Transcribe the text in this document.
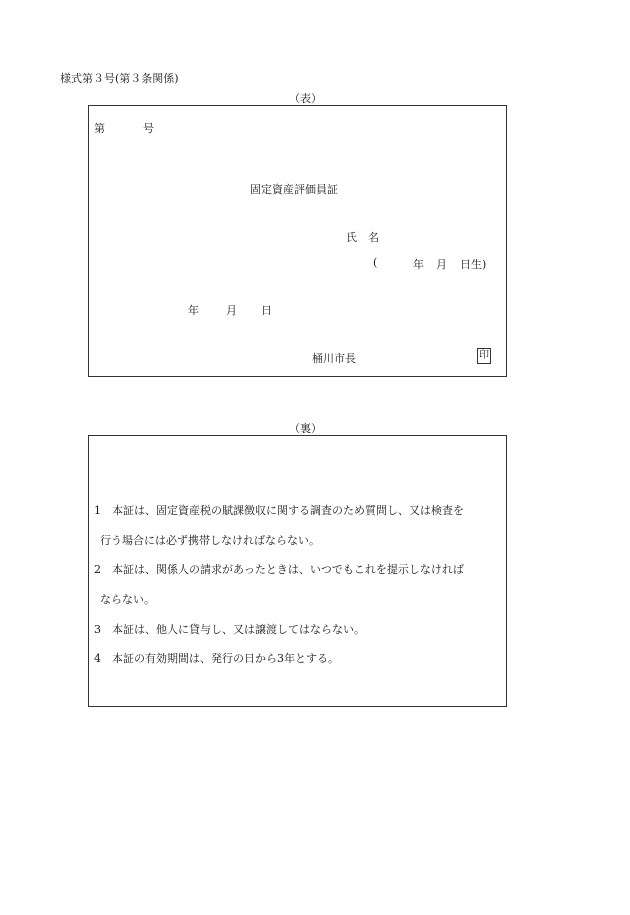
様式第３号(第３条関係)
（表）
第	号
固定資産評価員証
氏　名
(	年 月 日生)
年 月 日
桶川市長	印
（裏）
1　本証は、固定資産税の賦課徴収に関する調査のため質問し、又は検査を
行う場合には必ず携帯しなければならない。
2　本証は、関係人の請求があったときは、いつでもこれを提示しなければ
ならない。
3　本証は、他人に貸与し、又は譲渡してはならない。
4　本証の有効期間は、発行の日から3年とする。
